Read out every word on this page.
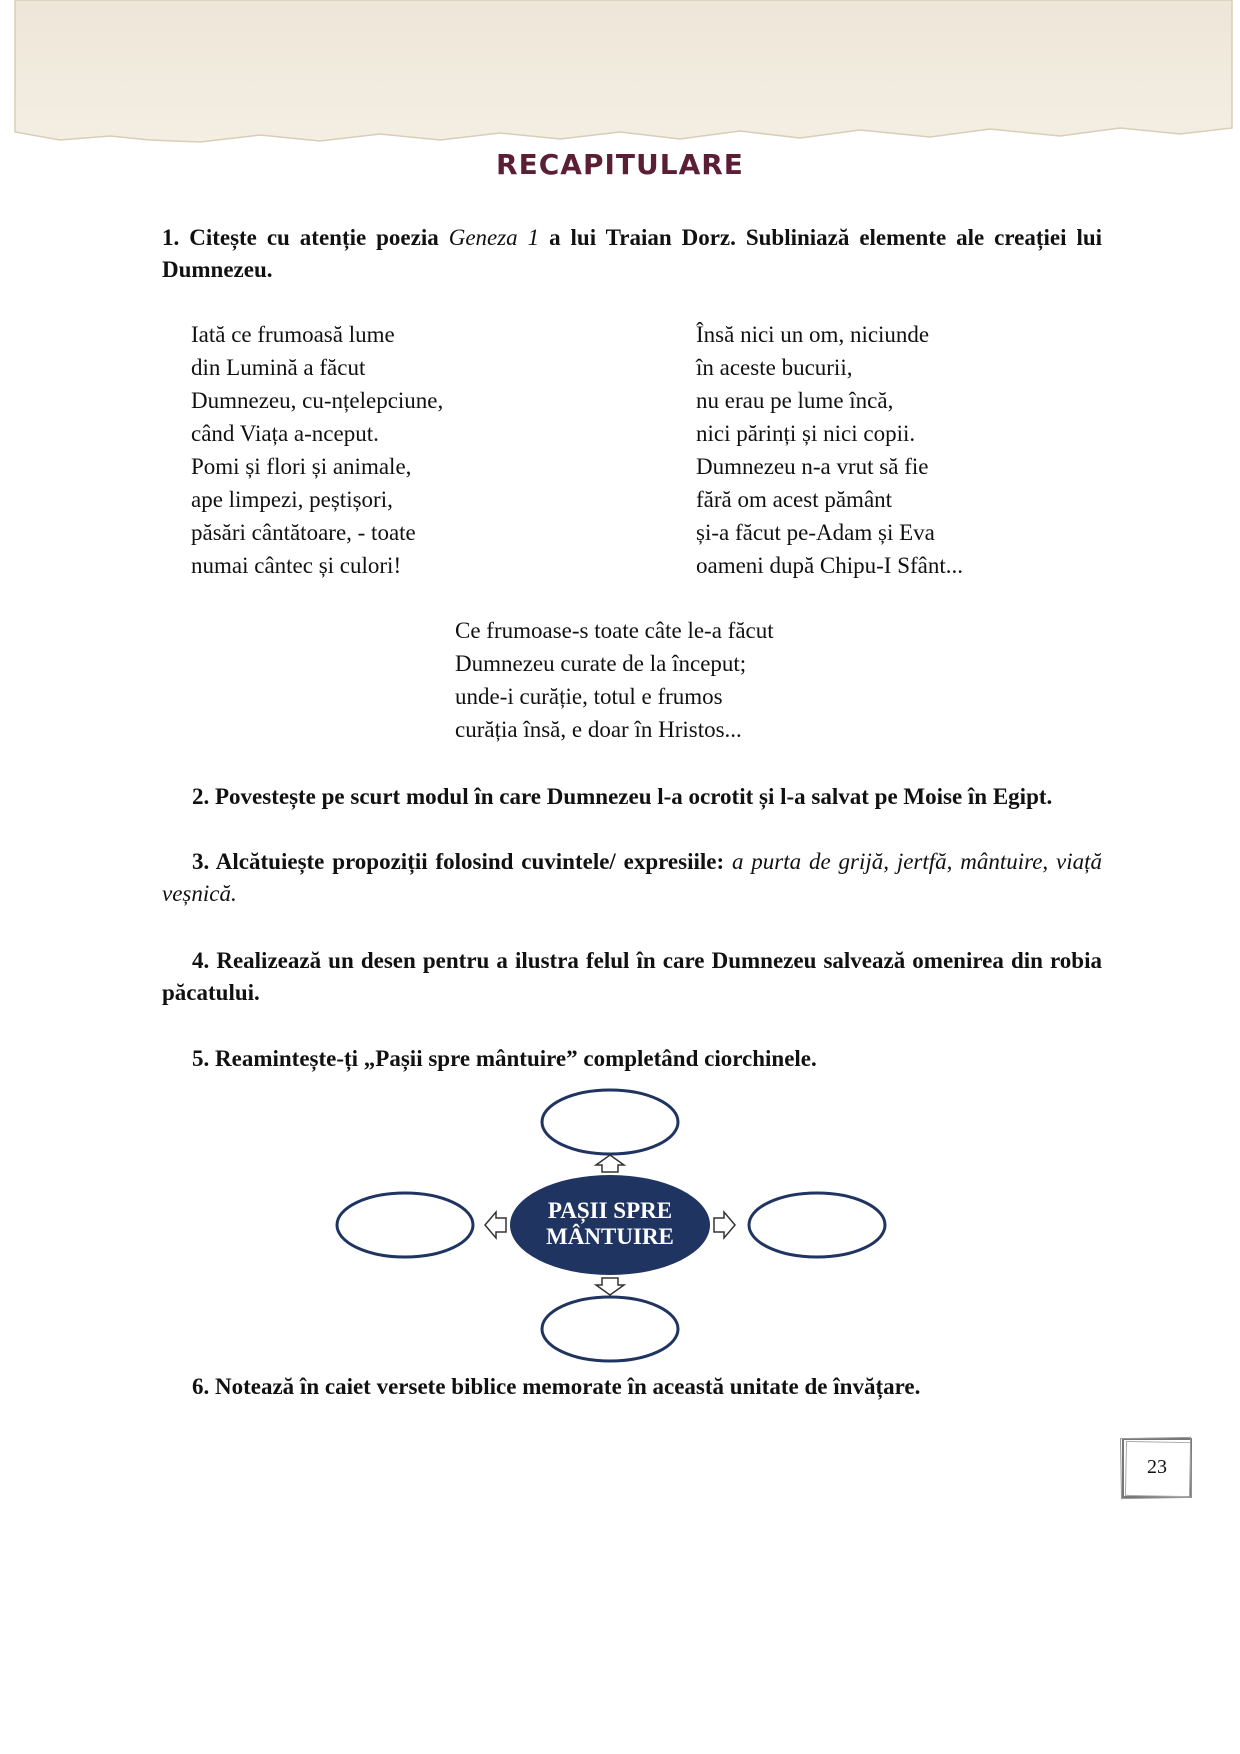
RECAPITULARE
1. Citește cu atenție poezia Geneza 1 a lui Traian Dorz. Subliniază elemente ale creației lui Dumnezeu.
Iată ce frumoasă lume
din Lumină a făcut
Dumnezeu, cu-nțelepciune,
când Viața a-nceput.
Pomi și flori și animale,
ape limpezi, peștișori,
păsări cântătoare, - toate
numai cântec și culori!
Însă nici un om, niciunde
în aceste bucurii,
nu erau pe lume încă,
nici părinți și nici copii.
Dumnezeu n-a vrut să fie
fără om acest pământ
și-a făcut pe-Adam și Eva
oameni după Chipu-I Sfânt...
Ce frumoase-s toate câte le-a făcut
Dumnezeu curate de la început;
unde-i curăție, totul e frumos
curăția însă, e doar în Hristos...
2. Povestește pe scurt modul în care Dumnezeu l-a ocrotit și l-a salvat pe Moise în Egipt.
3. Alcătuiește propoziții folosind cuvintele/ expresiile: a purta de grijă, jertfă, mântuire, viață veșnică.
4. Realizează un desen pentru a ilustra felul în care Dumnezeu salvează omenirea din robia păcatului.
5. Reamintește-ți „Pașii spre mântuire” completând ciorchinele.
PAȘII SPRE
MÂNTUIRE
6. Notează în caiet versete biblice memorate în această unitate de învățare.
23
